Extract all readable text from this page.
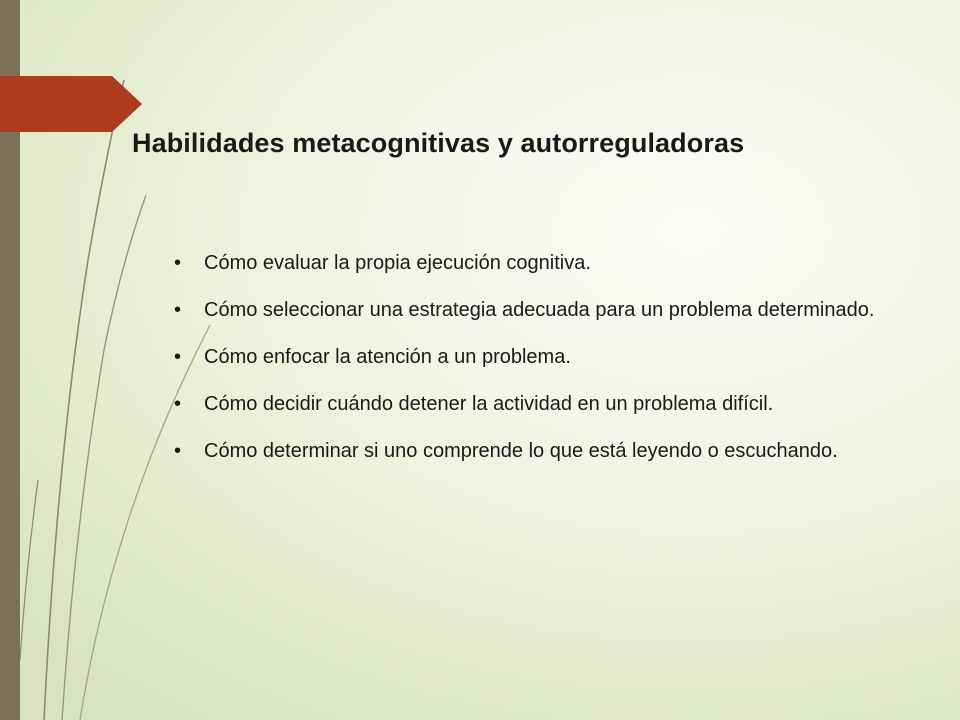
Habilidades metacognitivas y autorreguladoras
• Cómo evaluar la propia ejecución cognitiva.
• Cómo seleccionar una estrategia adecuada para un problema determinado.
• Cómo enfocar la atención a un problema.
• Cómo decidir cuándo detener la actividad en un problema difícil.
• Cómo determinar si uno comprende lo que está leyendo o escuchando.
